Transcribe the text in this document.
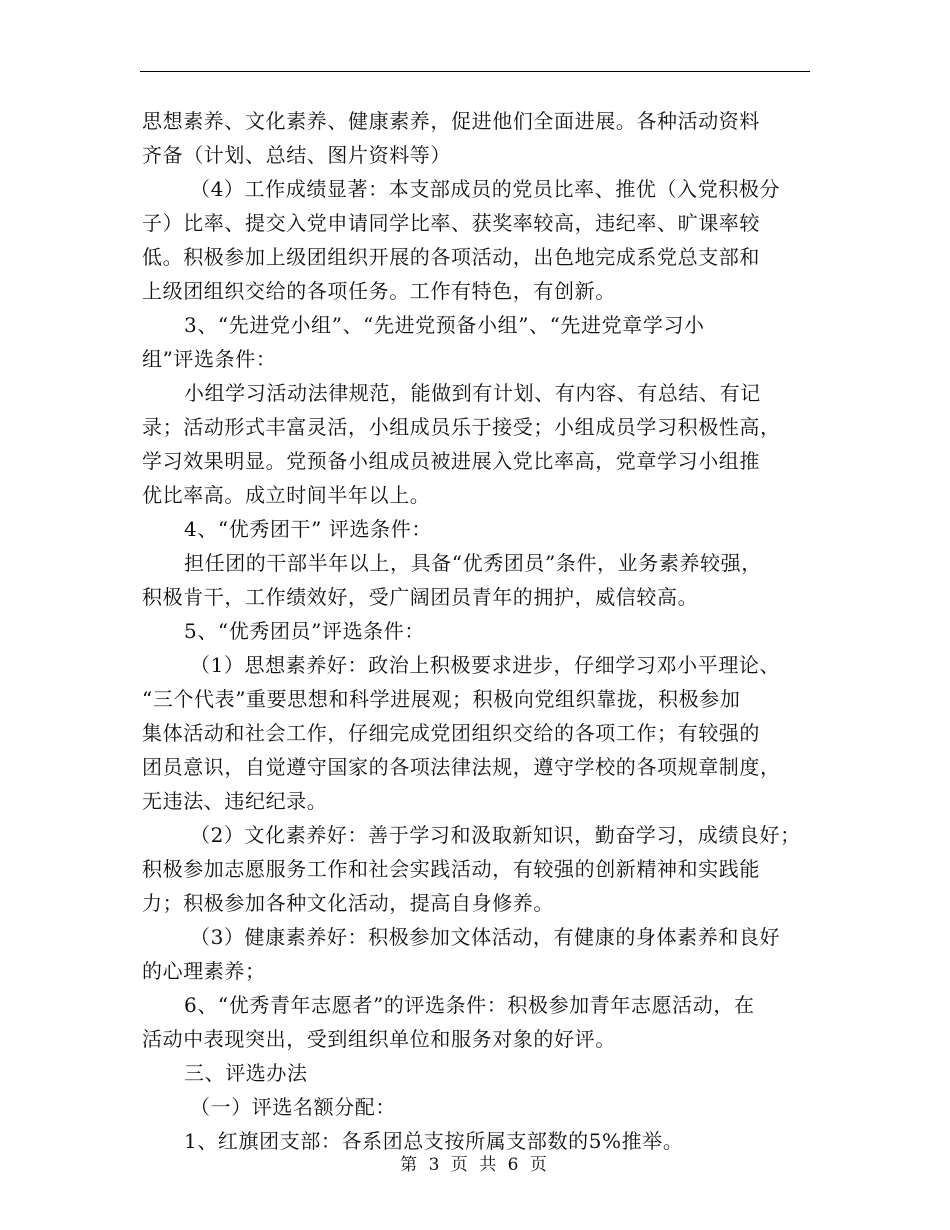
思想素养、文化素养、健康素养，促进他们全面进展。各种活动资料
齐备（计划、总结、图片资料等）
（4）工作成绩显著：本支部成员的党员比率、推优（入党积极分
子）比率、提交入党申请同学比率、获奖率较高，违纪率、旷课率较
低。积极参加上级团组织开展的各项活动，出色地完成系党总支部和
上级团组织交给的各项任务。工作有特色，有创新。
3、“先进党小组”、“先进党预备小组”、“先进党章学习小
组”评选条件：
小组学习活动法律规范，能做到有计划、有内容、有总结、有记
录；活动形式丰富灵活，小组成员乐于接受；小组成员学习积极性高，
学习效果明显。党预备小组成员被进展入党比率高，党章学习小组推
优比率高。成立时间半年以上。
4、“优秀团干” 评选条件：
担任团的干部半年以上，具备“优秀团员”条件，业务素养较强，
积极肯干，工作绩效好，受广阔团员青年的拥护，威信较高。
5、“优秀团员”评选条件：
（1）思想素养好：政治上积极要求进步，仔细学习邓小平理论、
“三个代表”重要思想和科学进展观；积极向党组织靠拢，积极参加
集体活动和社会工作，仔细完成党团组织交给的各项工作；有较强的
团员意识，自觉遵守国家的各项法律法规，遵守学校的各项规章制度，
无违法、违纪纪录。
（2）文化素养好：善于学习和汲取新知识，勤奋学习，成绩良好；
积极参加志愿服务工作和社会实践活动，有较强的创新精神和实践能
力；积极参加各种文化活动，提高自身修养。
（3）健康素养好：积极参加文体活动，有健康的身体素养和良好
的心理素养；
6、“优秀青年志愿者”的评选条件：积极参加青年志愿活动，在
活动中表现突出，受到组织单位和服务对象的好评。
三、评选办法
（一）评选名额分配：
1、红旗团支部：各系团总支按所属支部数的5%推举。
第 3 页 共 6 页
